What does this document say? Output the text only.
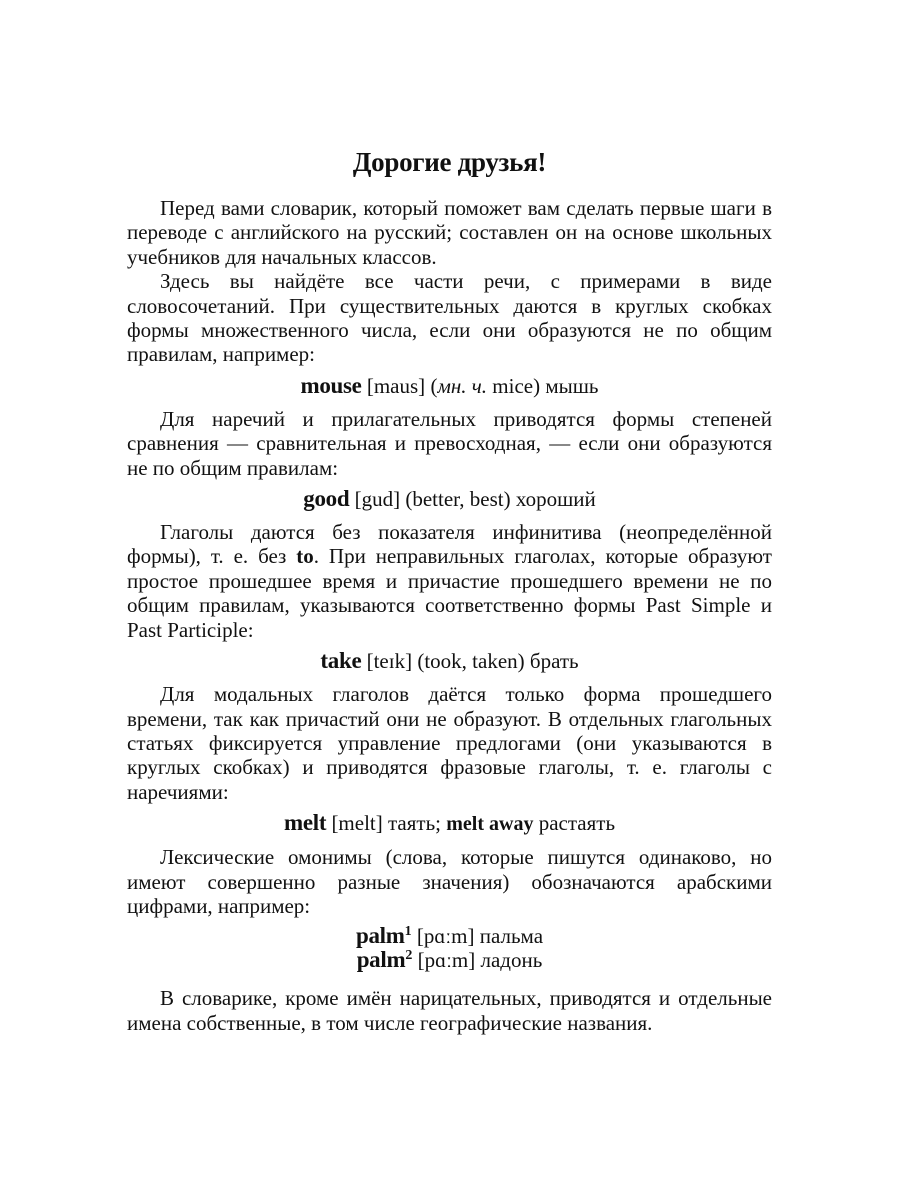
Дорогие друзья!

Перед вами словарик, который поможет вам сделать первые шаги в переводе с английского на русский; составлен он на основе школьных учебников для начальных классов.

Здесь вы найдёте все части речи, с примерами в виде словосочетаний. При существительных даются в круглых скобках формы множественного числа, если они образуются не по общим правилам, например:

mouse [maus] (мн. ч. mice) мышь

Для наречий и прилагательных приводятся формы степеней сравнения — сравнительная и превосходная, — если они образуются не по общим правилам:

good [gud] (better, best) хороший

Глаголы даются без показателя инфинитива (неопределённой формы), т. е. без to. При неправильных глаголах, которые образуют простое прошедшее время и причастие прошедшего времени не по общим правилам, указываются соответственно формы Past Simple и Past Participle:

take [teɪk] (took, taken) брать

Для модальных глаголов даётся только форма прошедшего времени, так как причастий они не образуют. В отдельных глагольных статьях фиксируется управление предлогами (они указываются в круглых скобках) и приводятся фразовые глаголы, т. е. глаголы с наречиями:

melt [melt] таять; melt away растаять

Лексические омонимы (слова, которые пишутся одинаково, но имеют совершенно разные значения) обозначаются арабскими цифрами, например:

palm$^1$ [pɑːm] пальма
palm$^2$ [pɑːm] ладонь

В словарике, кроме имён нарицательных, приводятся и отдельные имена собственные, в том числе географические названия.
